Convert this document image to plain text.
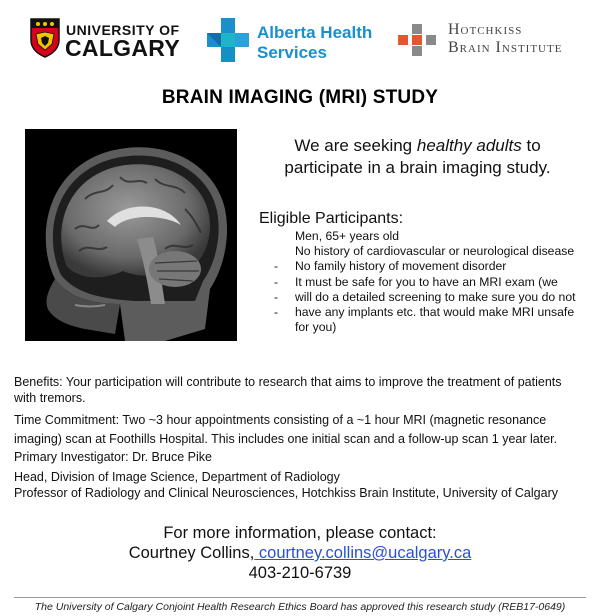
UNIVERSITY OF
CALGARY
Alberta Health
Services
Hotchkiss
Brain Institute
BRAIN IMAGING (MRI) STUDY
We are seeking healthy adults to participate in a brain imaging study.
Eligible Participants:
Men, 65+ years old
No history of cardiovascular or neurological disease
-	No family history of movement disorder
-	It must be safe for you to have an MRI exam (we
-	will do a detailed screening to make sure you do not
-	have any implants etc. that would make MRI unsafe
for you)
Benefits: Your participation will contribute to research that aims to improve the treatment of patients with tremors.
Time Commitment: Two ~3 hour appointments consisting of a ~1 hour MRI (magnetic resonance imaging) scan at Foothills Hospital. This includes one initial scan and a follow-up scan 1 year later.
Primary Investigator: Dr. Bruce Pike
Head, Division of Image Science, Department of Radiology
Professor of Radiology and Clinical Neurosciences, Hotchkiss Brain Institute, University of Calgary
For more information, please contact:
Courtney Collins, courtney.collins@ucalgary.ca
403-210-6739
The University of Calgary Conjoint Health Research Ethics Board has approved this research study (REB17-0649)
